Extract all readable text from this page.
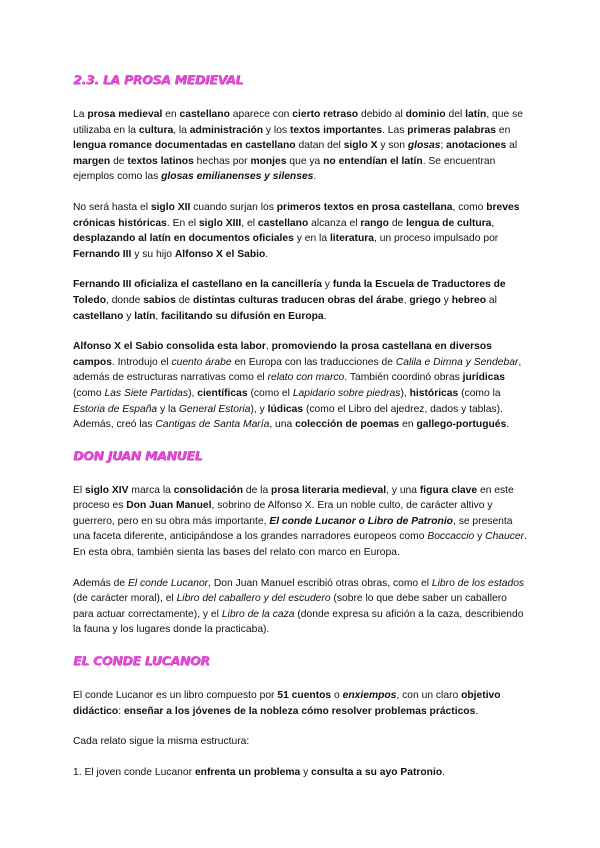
2.3. LA PROSA MEDIEVAL

La prosa medieval en castellano aparece con cierto retraso debido al dominio del latín, que se utilizaba en la cultura, la administración y los textos importantes. Las primeras palabras en lengua romance documentadas en castellano datan del siglo X y son glosas; anotaciones al margen de textos latinos hechas por monjes que ya no entendían el latín. Se encuentran ejemplos como las glosas emilianenses y silenses.

No será hasta el siglo XII cuando surjan los primeros textos en prosa castellana, como breves crónicas históricas. En el siglo XIII, el castellano alcanza el rango de lengua de cultura, desplazando al latín en documentos oficiales y en la literatura, un proceso impulsado por Fernando III y su hijo Alfonso X el Sabio.

Fernando III oficializa el castellano en la cancillería y funda la Escuela de Traductores de Toledo, donde sabios de distintas culturas traducen obras del árabe, griego y hebreo al castellano y latín, facilitando su difusión en Europa.

Alfonso X el Sabio consolida esta labor, promoviendo la prosa castellana en diversos campos. Introdujo el cuento árabe en Europa con las traducciones de Calila e Dimna y Sendebar, además de estructuras narrativas como el relato con marco. También coordinó obras jurídicas (como Las Siete Partidas), científicas (como el Lapidario sobre piedras), históricas (como la Estoria de España y la General Estoria), y lúdicas (como el Libro del ajedrez, dados y tablas). Además, creó las Cantigas de Santa María, una colección de poemas en gallego-portugués.

DON JUAN MANUEL

El siglo XIV marca la consolidación de la prosa literaria medieval, y una figura clave en este proceso es Don Juan Manuel, sobrino de Alfonso X. Era un noble culto, de carácter altivo y guerrero, pero en su obra más importante, El conde Lucanor o Libro de Patronio, se presenta una faceta diferente, anticipándose a los grandes narradores europeos como Boccaccio y Chaucer. En esta obra, también sienta las bases del relato con marco en Europa.

Además de El conde Lucanor, Don Juan Manuel escribió otras obras, como el Libro de los estados (de carácter moral), el Libro del caballero y del escudero (sobre lo que debe saber un caballero para actuar correctamente), y el Libro de la caza (donde expresa su afición a la caza, describiendo la fauna y los lugares donde la practicaba).

EL CONDE LUCANOR

El conde Lucanor es un libro compuesto por 51 cuentos o enxiempos, con un claro objetivo didáctico: enseñar a los jóvenes de la nobleza cómo resolver problemas prácticos.

Cada relato sigue la misma estructura:

1. El joven conde Lucanor enfrenta un problema y consulta a su ayo Patronio.
